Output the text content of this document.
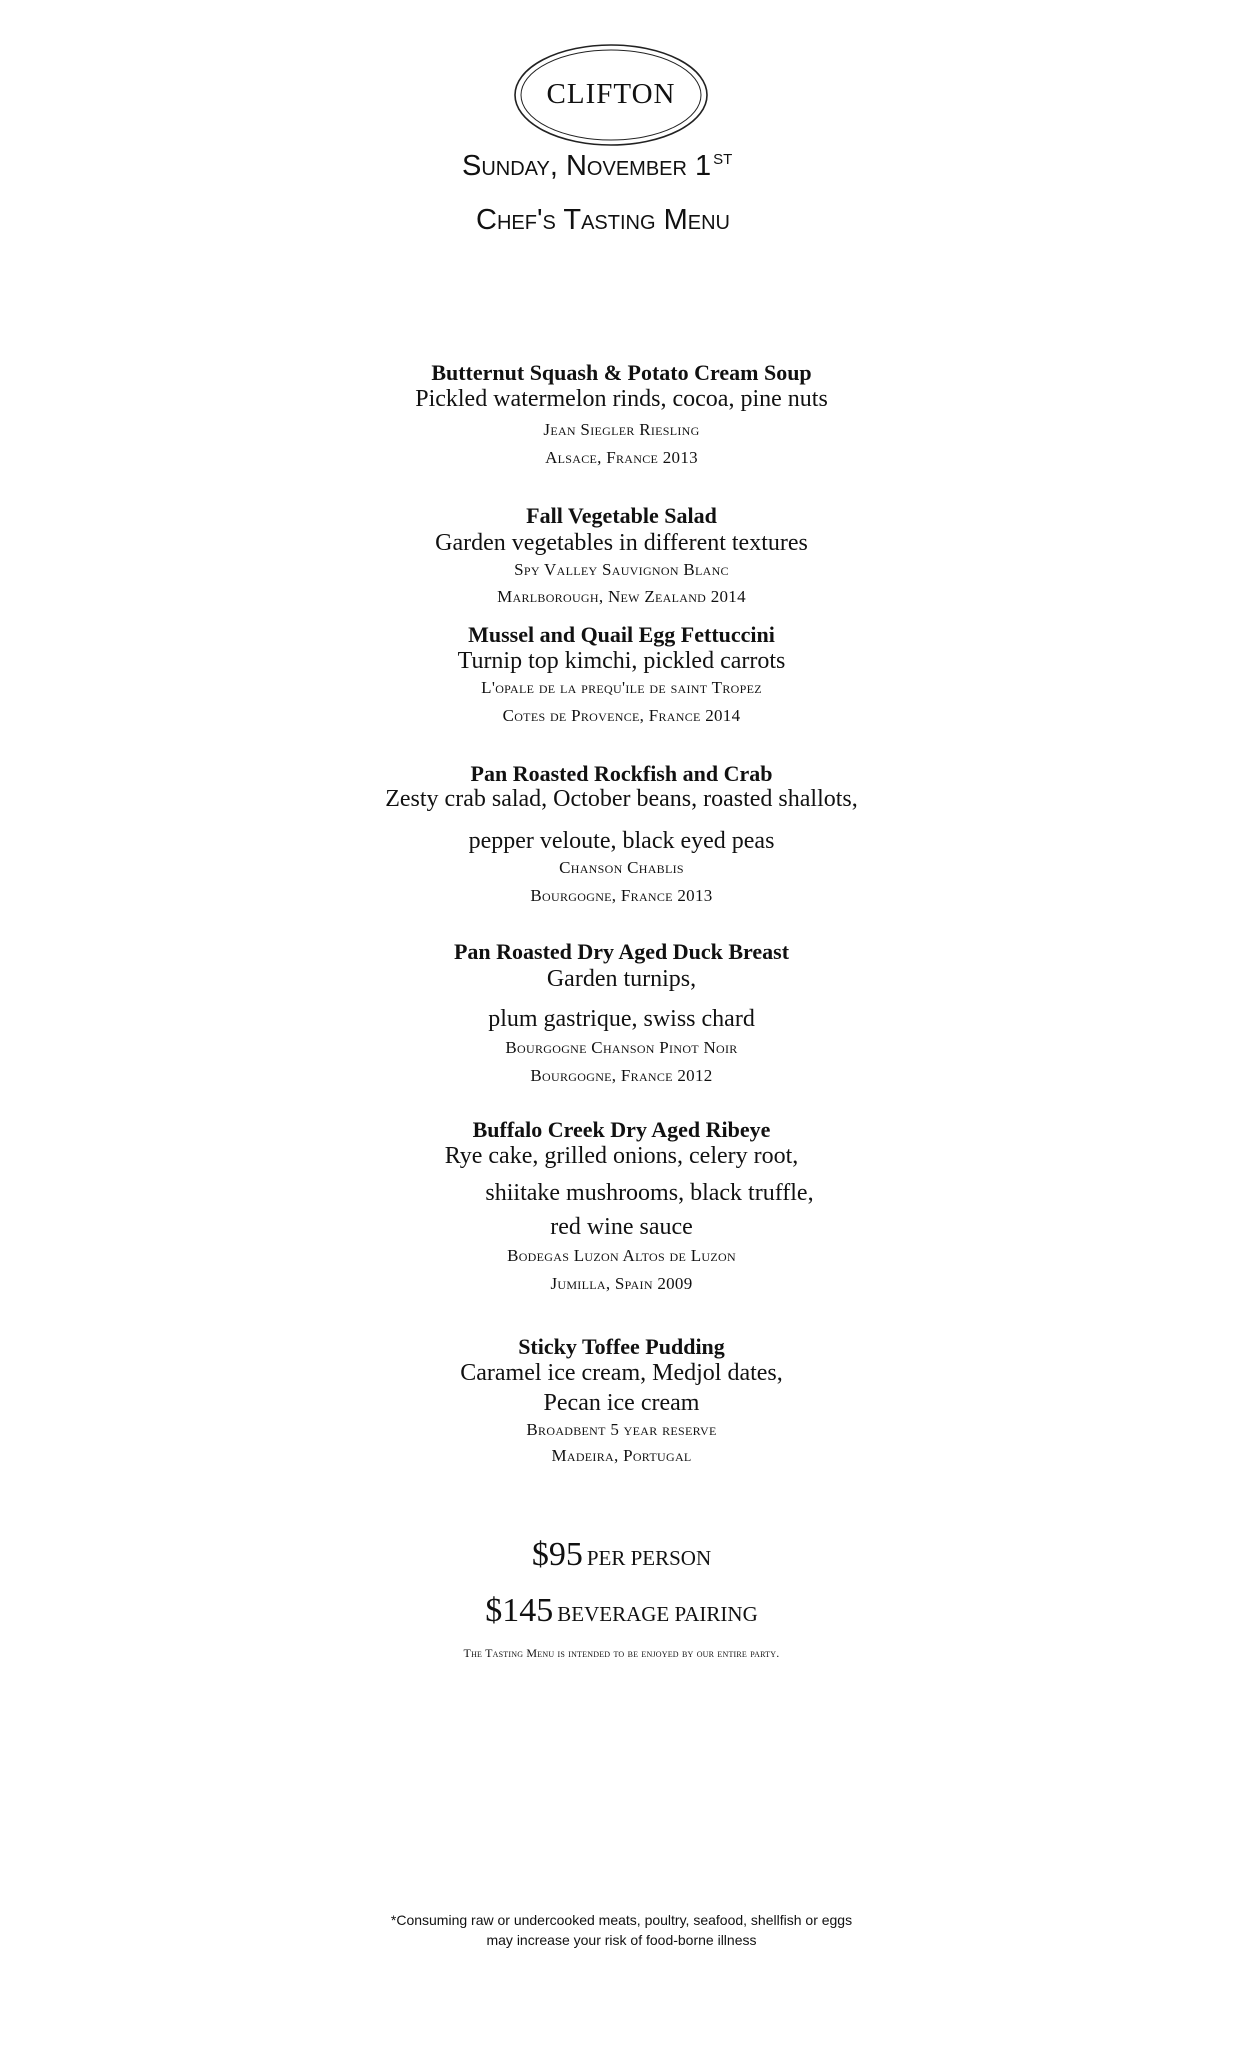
CLIFTON
Sunday, November 1 $^{ST}$
Chef's Tasting Menu
Butternut Squash & Potato Cream Soup
Pickled watermelon rinds, cocoa, pine nuts
Jean Siegler Riesling
Alsace, France 2013
Fall Vegetable Salad
Garden vegetables in different textures
Spy Valley Sauvignon Blanc
Marlborough, New Zealand 2014
Mussel and Quail Egg Fettuccini
Turnip top kimchi, pickled carrots
L'opale de la prequ'ile de saint Tropez
Cotes de Provence, France 2014
Pan Roasted Rockfish and Crab
Zesty crab salad, October beans, roasted shallots,
pepper veloute, black eyed peas
Chanson Chablis
Bourgogne, France 2013
Pan Roasted Dry Aged Duck Breast
Garden turnips,
plum gastrique, swiss chard
Bourgogne Chanson Pinot Noir
Bourgogne, France 2012
Buffalo Creek Dry Aged Ribeye
Rye cake, grilled onions, celery root,
shiitake mushrooms, black truffle,
red wine sauce
Bodegas Luzon Altos de Luzon
Jumilla, Spain 2009
Sticky Toffee Pudding
Caramel ice cream, Medjol dates,
Pecan ice cream
Broadbent 5 year reserve
Madeira, Portugal
$95 PER PERSON
$145 BEVERAGE PAIRING
The Tasting Menu is intended to be enjoyed by our entire party.
*Consuming raw or undercooked meats, poultry, seafood, shellfish or eggs
may increase your risk of food-borne illness
